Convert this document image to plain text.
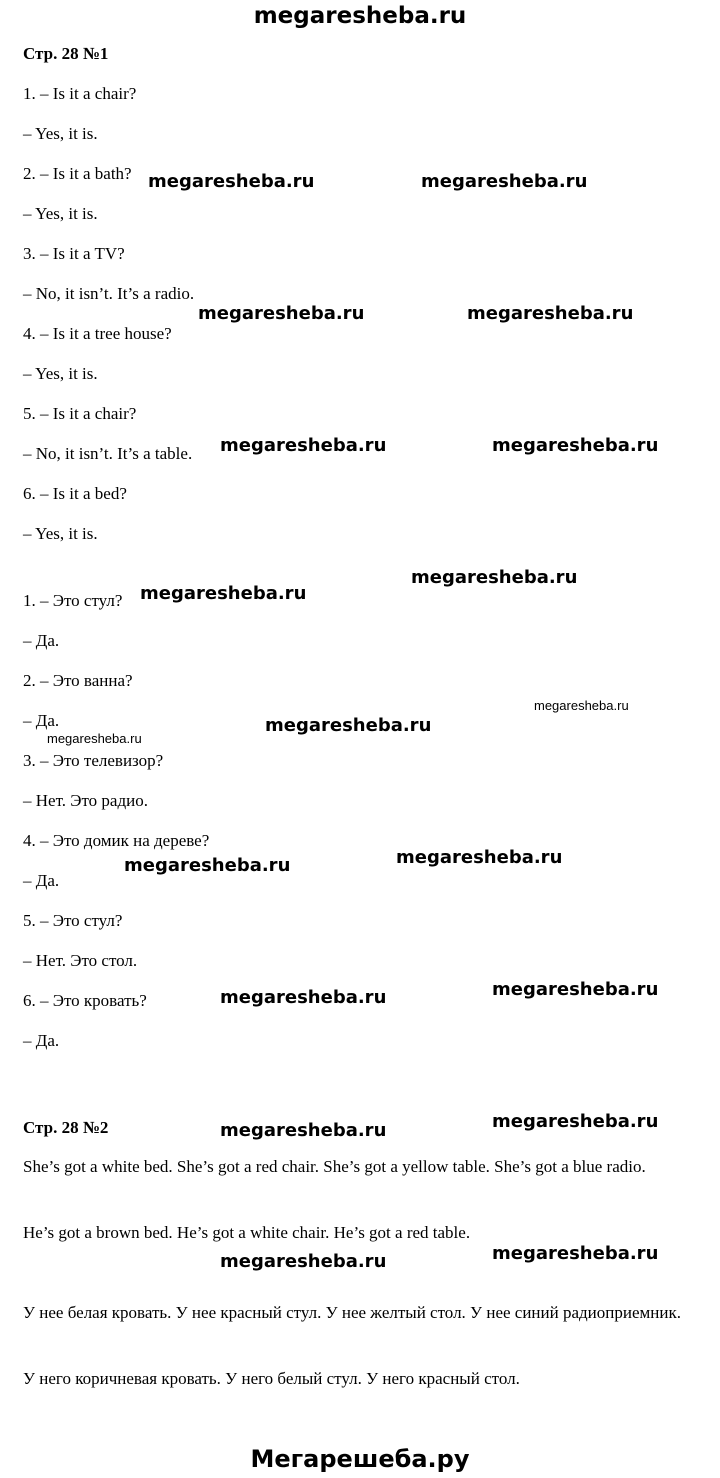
megaresheba.ru
Стр. 28 №1
1. – Is it a chair?
– Yes, it is.
2. – Is it a bath?
– Yes, it is.
3. – Is it a TV?
– No, it isn’t. It’s a radio.
4. – Is it a tree house?
– Yes, it is.
5. – Is it a chair?
– No, it isn’t. It’s a table.
6. – Is it a bed?
– Yes, it is.
1. – Это стул?
– Да.
2. – Это ванна?
– Да.
3. – Это телевизор?
– Нет. Это радио.
4. – Это домик на дереве?
– Да.
5. – Это стул?
– Нет. Это стол.
6. – Это кровать?
– Да.
Стр. 28 №2
She’s got a white bed. She’s got a red chair. She’s got a yellow table. She’s got a blue radio.
He’s got a brown bed. He’s got a white chair. He’s got a red table.
У нее белая кровать. У нее красный стул. У нее желтый стол. У нее синий радиоприемник.
У него коричневая кровать. У него белый стул. У него красный стол.
megaresheba.ru	megaresheba.ru
megaresheba.ru	megaresheba.ru
megaresheba.ru	megaresheba.ru
megaresheba.ru
megaresheba.ru
megaresheba.ru
megaresheba.ru
megaresheba.ru
megaresheba.ru
megaresheba.ru
megaresheba.ru
megaresheba.ru
megaresheba.ru
megaresheba.ru
megaresheba.ru
megaresheba.ru
Мегарешеба.ру
